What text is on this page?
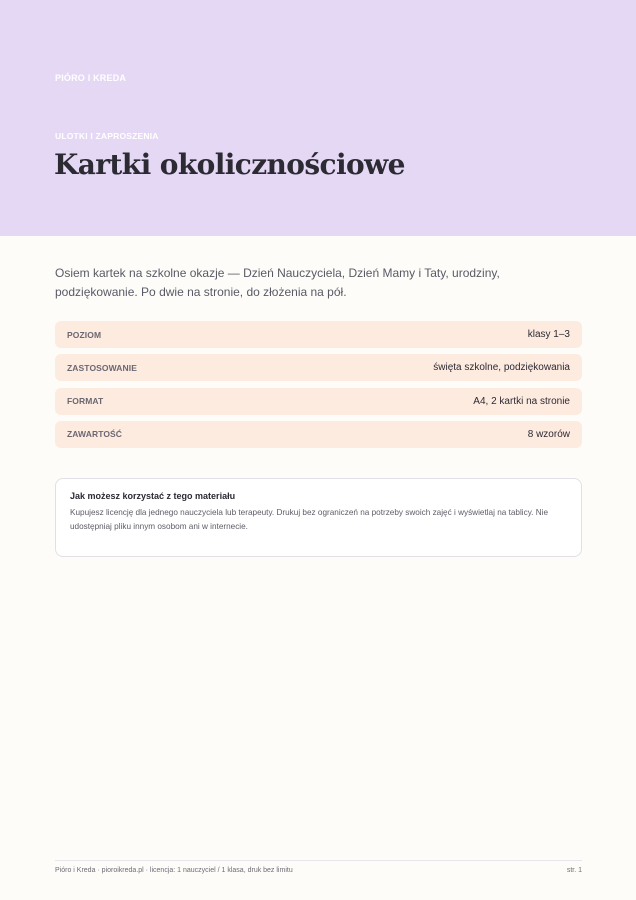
PIÓRO I KREDA
ULOTKI I ZAPROSZENIA
Kartki okolicznościowe

Osiem kartek na szkolne okazje — Dzień Nauczyciela, Dzień Mamy i Taty, urodziny, podziękowanie. Po dwie na stronie, do złożenia na pół.

POZIOM	klasy 1–3
ZASTOSOWANIE	święta szkolne, podziękowania
FORMAT	A4, 2 kartki na stronie
ZAWARTOŚĆ	8 wzorów
Jak możesz korzystać z tego materiału

Kupujesz licencję dla jednego nauczyciela lub terapeuty. Drukuj bez ograniczeń na potrzeby swoich zajęć i wyświetlaj na tablicy. Nie udostępniaj pliku innym osobom ani w internecie.

Pióro i Kreda · pioroikreda.pl · licencja: 1 nauczyciel / 1 klasa, druk bez limitu	str. 1
